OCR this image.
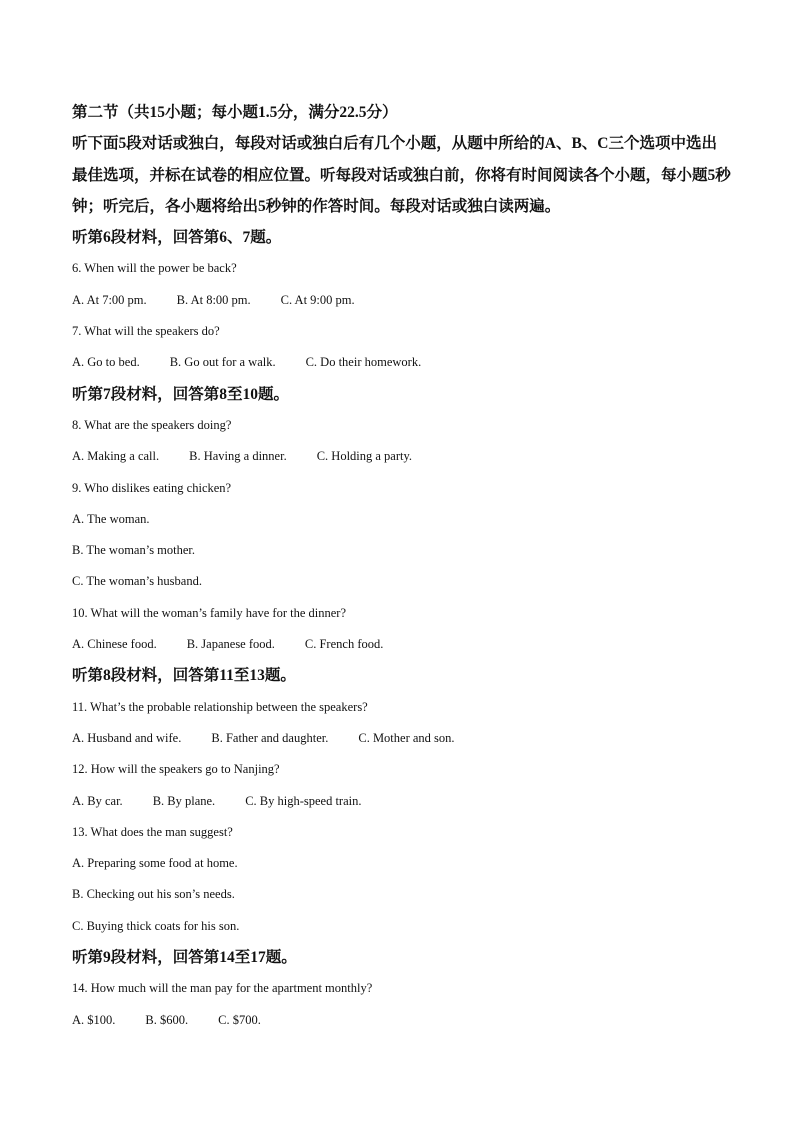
第二节（共15小题；每小题1.5分，满分22.5分）

听下面5段对话或独白，每段对话或独白后有几个小题，从题中所给的A、B、C三个选项中选出最佳选项，并标在试卷的相应位置。听每段对话或独白前，你将有时间阅读各个小题，每小题5秒钟；听完后，各小题将给出5秒钟的作答时间。每段对话或独白读两遍。

听第6段材料，回答第6、7题。

6. When will the power be back?

A. At 7:00 pm. B. At 8:00 pm. C. At 9:00 pm.

7. What will the speakers do?

A. Go to bed. B. Go out for a walk. C. Do their homework.

听第7段材料，回答第8至10题。

8. What are the speakers doing?

A. Making a call. B. Having a dinner. C. Holding a party.

9. Who dislikes eating chicken?

A. The woman.

B. The woman’s mother.

C. The woman’s husband.

10. What will the woman’s family have for the dinner?

A. Chinese food. B. Japanese food. C. French food.

听第8段材料，回答第11至13题。

11. What’s the probable relationship between the speakers?

A. Husband and wife. B. Father and daughter. C. Mother and son.

12. How will the speakers go to Nanjing?

A. By car. B. By plane. C. By high-speed train.

13. What does the man suggest?

A. Preparing some food at home.

B. Checking out his son’s needs.

C. Buying thick coats for his son.

听第9段材料，回答第14至17题。

14. How much will the man pay for the apartment monthly?

A. $100. B. $600. C. $700.
